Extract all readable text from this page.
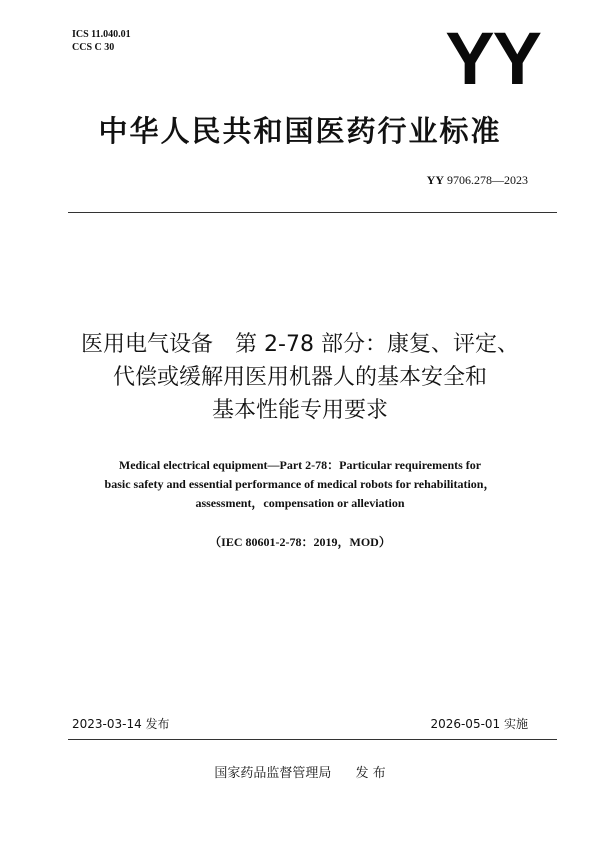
ICS 11.040.01
CCS C 30	YY
中华人民共和国医药行业标准
YY 9706.278—2023
医用电气设备　第 2-78 部分：康复、评定、
代偿或缓解用医用机器人的基本安全和
基本性能专用要求
Medical electrical equipment—Part 2-78：Particular requirements for
basic safety and essential performance of medical robots for rehabilitation，
assessment，compensation or alleviation
（IEC 80601-2-78：2019，MOD）
2023-03-14 发布	2026-05-01 实施
国家药品监督管理局 发 布
